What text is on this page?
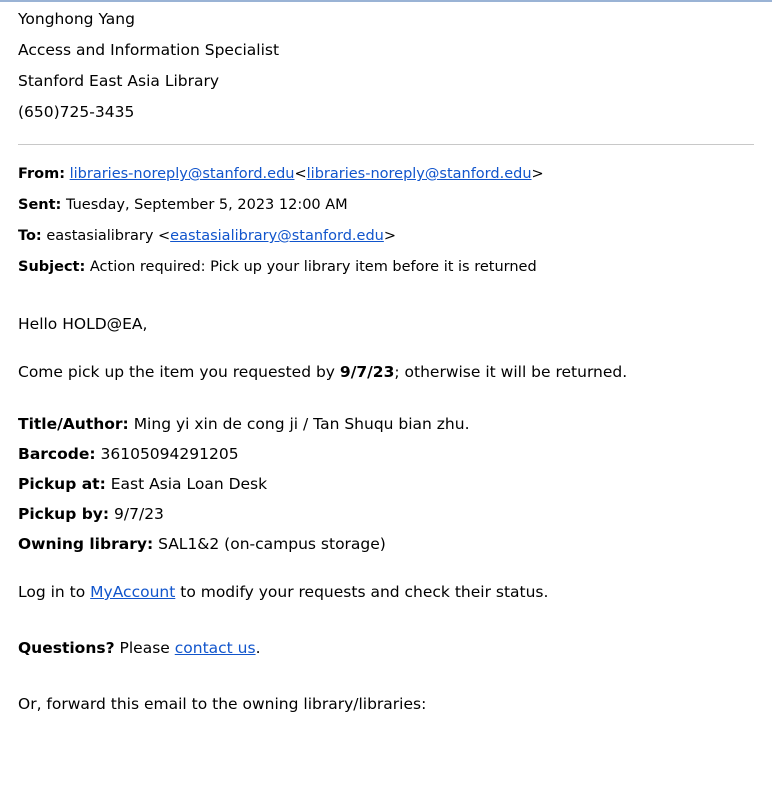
Yonghong Yang
Access and Information Specialist
Stanford East Asia Library
(650)725-3435
From: libraries-noreply@stanford.edu<libraries-noreply@stanford.edu>
Sent: Tuesday, September 5, 2023 12:00 AM
To: eastasialibrary <eastasialibrary@stanford.edu>
Subject: Action required: Pick up your library item before it is returned
Hello HOLD@EA,
Come pick up the item you requested by 9/7/23; otherwise it will be returned.
Title/Author: Ming yi xin de cong ji / Tan Shuqu bian zhu.
Barcode: 36105094291205
Pickup at: East Asia Loan Desk
Pickup by: 9/7/23
Owning library: SAL1&2 (on-campus storage)
Log in to MyAccount to modify your requests and check their status.
Questions? Please contact us.
Or, forward this email to the owning library/libraries:
